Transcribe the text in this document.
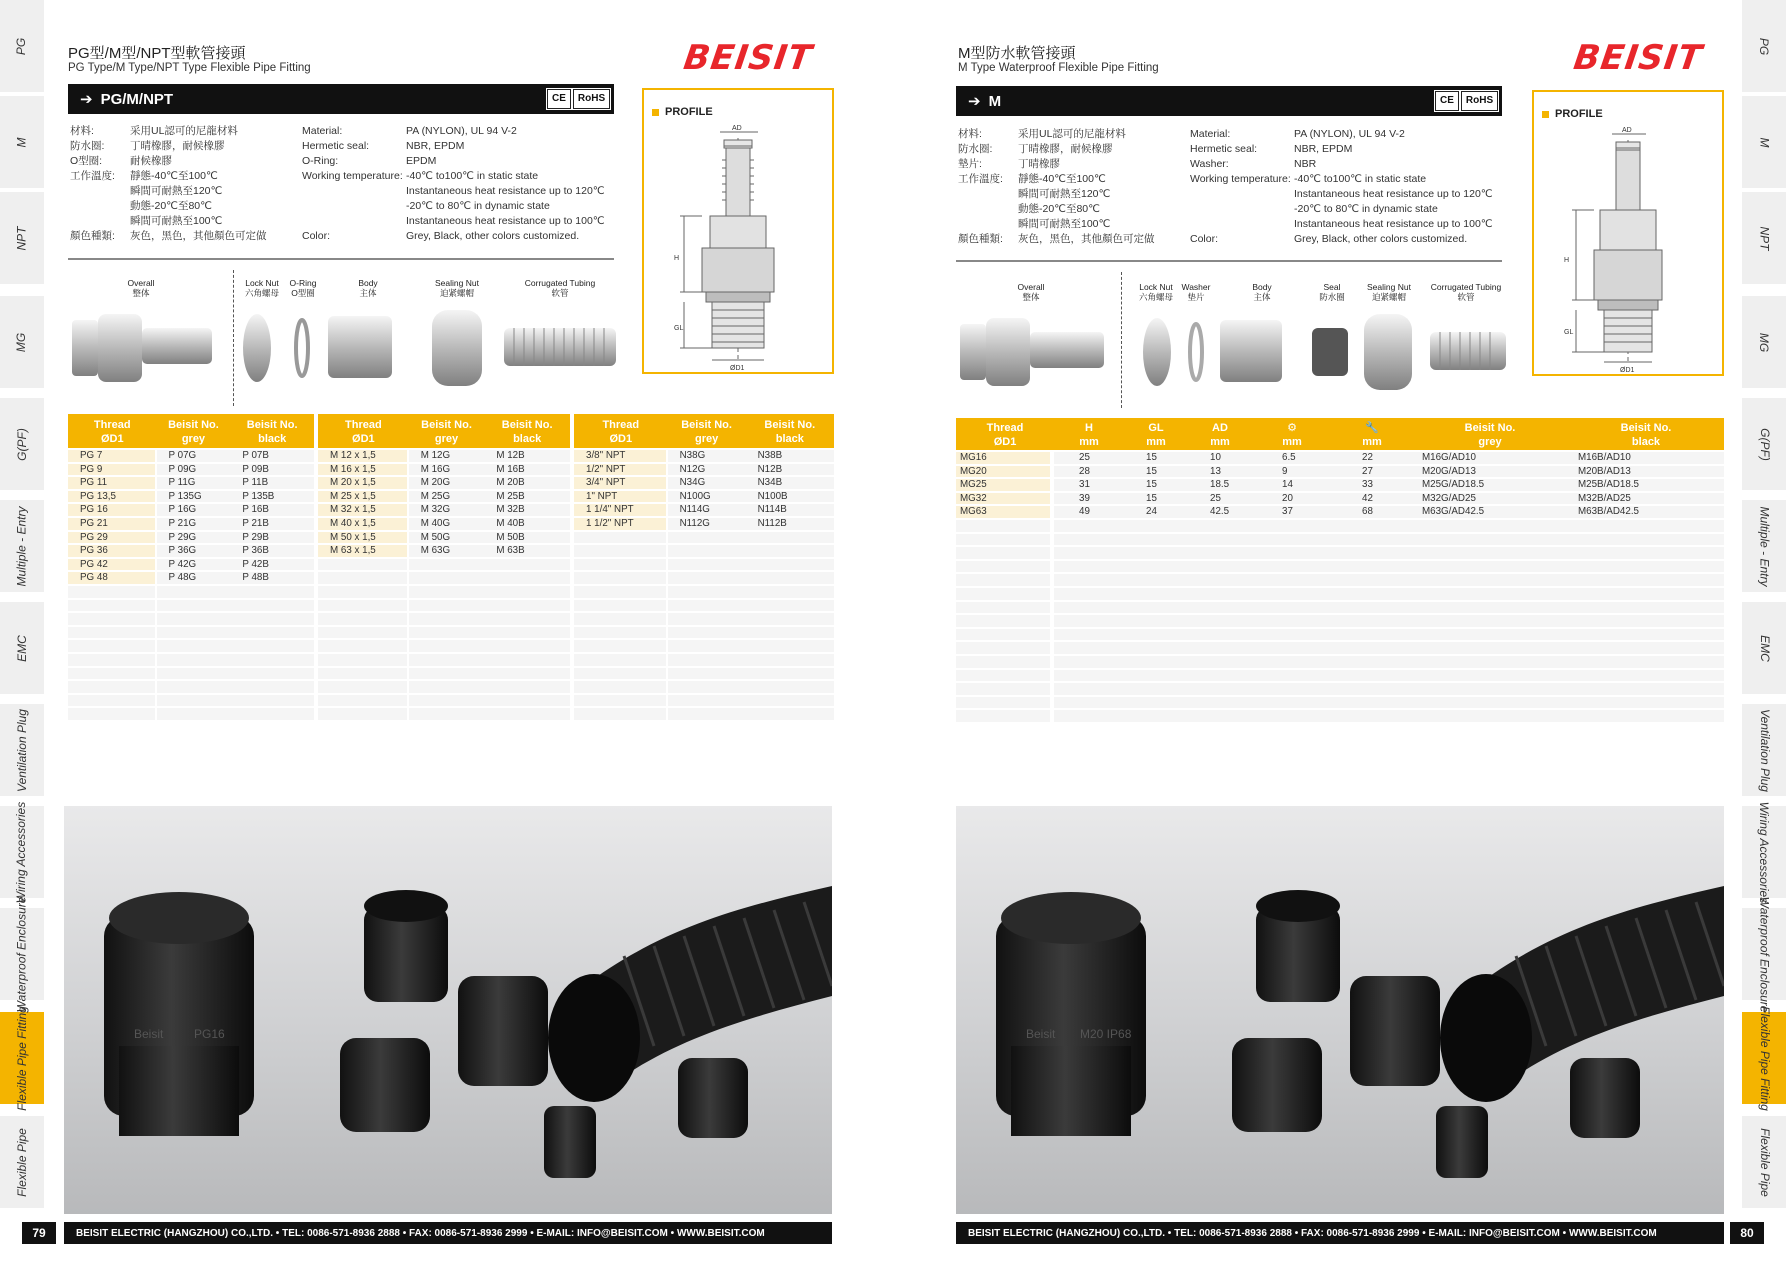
PG
M
NPT
MG
G(PF)
Multiple - Entry
EMC
Ventilation Plug
Wiring Accessories
Waterproof Enclosure
Flexible Pipe Fitting
Flexible Pipe
PG
M
NPT
MG
G(PF)
Multiple - Entry
EMC
Ventilation Plug
Wiring Accessories
Waterproof Enclosure
Flexible Pipe Fitting
Flexible Pipe
PG型/M型/NPT型軟管接頭
PG Type/M Type/NPT Type Flexible Pipe Fitting	BEISIT
➔ PG/M/NPT	CE	RoHS
材料:	采用UL認可的尼龍材料	Material:	PA (NYLON), UL 94 V-2
防水圈:	丁晴橡膠，耐候橡膠	Hermetic seal:	NBR, EPDM
O型圈:	耐候橡膠	O-Ring:	EPDM
工作溫度:	靜態-40℃至100℃	Working temperature: -40℃ to100℃ in static state
瞬間可耐熱至120℃	Instantaneous heat resistance up to 120℃
動態-20℃至80℃	-20℃ to 80℃ in dynamic state
瞬間可耐熱至100℃	Instantaneous heat resistance up to 100℃
顏色種類:	灰色，黑色，其他顏色可定做	Color:	Grey, Black, other colors customized.
PROFILE
AD
H
GL
ØD1
Overall
整体
Lock Nut
六角螺母
O-Ring
O型圈
Body
主体
Sealing Nut
迫紧螺帽
Corrugated Tubing
软管
Thread
ØD1
Beisit No.
grey
Beisit No.
black
PG 7	P 07G	P 07B
PG 9	P 09G	P 09B
PG 11	P 11G	P 11B
PG 13,5	P 135G	P 135B
PG 16	P 16G	P 16B
PG 21	P 21G	P 21B
PG 29	P 29G	P 29B
PG 36	P 36G	P 36B
PG 42	P 42G	P 42B
PG 48	P 48G	P 48B
Thread
ØD1
Beisit No.
grey
Beisit No.
black
M 12 x 1,5	M 12G	M 12B
M 16 x 1,5	M 16G	M 16B
M 20 x 1,5	M 20G	M 20B
M 25 x 1,5	M 25G	M 25B
M 32 x 1,5	M 32G	M 32B
M 40 x 1,5	M 40G	M 40B
M 50 x 1,5	M 50G	M 50B
M 63 x 1,5	M 63G	M 63B
Thread
ØD1
Beisit No.
grey
Beisit No.
black
3/8" NPT	N38G	N38B
1/2" NPT	N12G	N12B
3/4" NPT	N34G	N34B
1" NPT	N100G	N100B
1 1/4" NPT	N114G	N114B
1 1/2" NPT	N112G	N112B
Beisit	PG16
79	BEISIT ELECTRIC (HANGZHOU) CO.,LTD. • TEL: 0086-571-8936 2888 • FAX: 0086-571-8936 2999 • E-MAIL: INFO@BEISIT.COM • WWW.BEISIT.COM
M型防水軟管接頭
M Type Waterproof Flexible Pipe Fitting	BEISIT
➔ M	CE	RoHS
材料:	采用UL認可的尼龍材料	Material:	PA (NYLON), UL 94 V-2
防水圈:	丁晴橡膠，耐候橡膠	Hermetic seal:	NBR, EPDM
墊片:	丁晴橡膠	Washer:	NBR
工作溫度:	靜態-40℃至100℃	Working temperature: -40℃ to100℃ in static state
瞬間可耐熱至120℃	Instantaneous heat resistance up to 120℃
動態-20℃至80℃	-20℃ to 80℃ in dynamic state
瞬間可耐熱至100℃	Instantaneous heat resistance up to 100℃
顏色種類:	灰色，黑色，其他顏色可定做	Color:	Grey, Black, other colors customized.
PROFILE
AD
H
GL
ØD1
Overall
整体
Lock Nut
六角螺母
Washer
垫片
Body
主体
Seal
防水圈
Sealing Nut
迫紧螺帽
Corrugated Tubing
软管
Thread
ØD1
H
mm
GL
mm
AD
mm
⚙
mm
🔧
mm
Beisit No.
grey
Beisit No.
black
MG16	25	15	10	6.5	22	M16G/AD10	M16B/AD10
MG20	28	15	13	9	27	M20G/AD13	M20B/AD13
MG25	31	15	18.5	14	33	M25G/AD18.5	M25B/AD18.5
MG32	39	15	25	20	42	M32G/AD25	M32B/AD25
MG63	49	24	42.5	37	68	M63G/AD42.5	M63B/AD42.5
Beisit M20 IP68
BEISIT ELECTRIC (HANGZHOU) CO.,LTD. • TEL: 0086-571-8936 2888 • FAX: 0086-571-8936 2999 • E-MAIL: INFO@BEISIT.COM • WWW.BEISIT.COM	80
